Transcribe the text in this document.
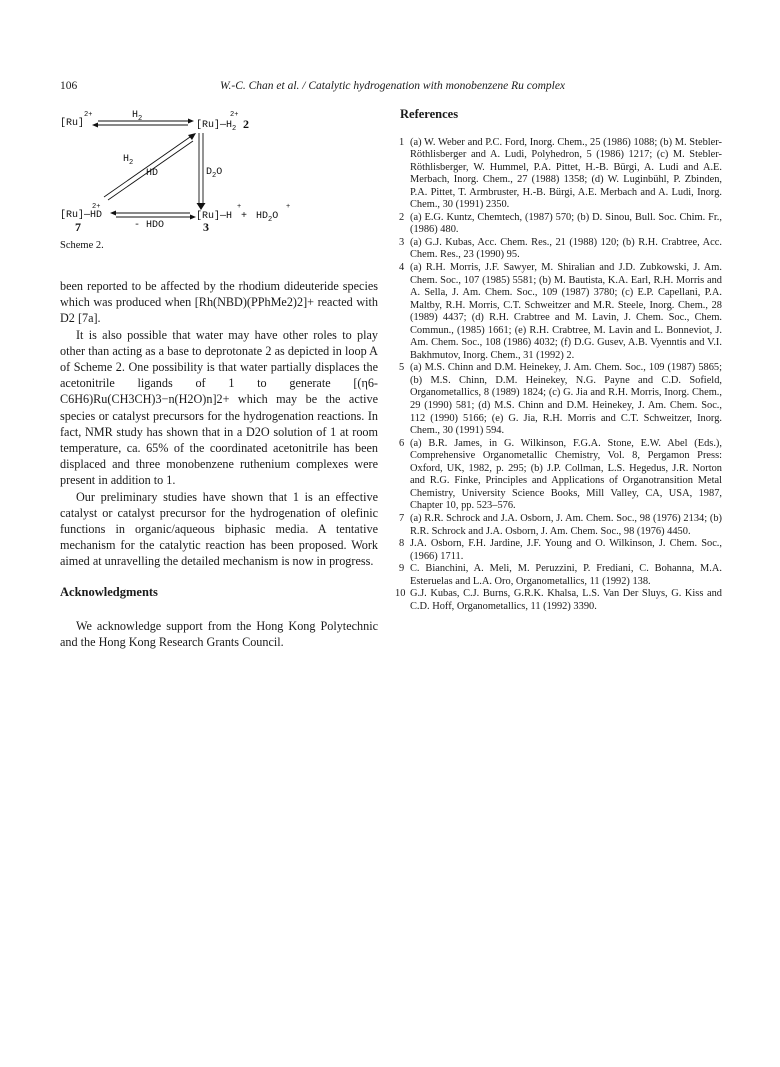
106	W.-C. Chan et al. / Catalytic hydrogenation with monobenzene Ru complex
[Ru]
2+	$H_2$
$[Ru]—H_2$
2+
2
$H_2$
HD	$D_2O$
2+
[Ru]—HD
7	- HDO
[Ru]—H
+
+ $HD_2O$
+
3
Scheme 2.

been reported to be affected by the rhodium dideuteride species which was produced when [Rh(NBD)(PPhMe2)2]+ reacted with D2 [7a].

It is also possible that water may have other roles to play other than acting as a base to deprotonate 2 as depicted in loop A of Scheme 2. One possibility is that water partially displaces the acetonitrile ligands of 1 to generate [(η6-C6H6)Ru(CH3CH)3−n(H2O)n]2+ which may be the active species or catalyst precursors for the hydrogenation reactions. In fact, NMR study has shown that in a D2O solution of 1 at room temperature, ca. 65% of the coordinated acetonitrile has been displaced and three monobenzene ruthenium complexes were present in addition to 1.

Our preliminary studies have shown that 1 is an effective catalyst or catalyst precursor for the hydrogenation of olefinic functions in organic/aqueous biphasic media. A tentative mechanism for the catalytic reaction has been proposed. Work aimed at unravelling the detailed mechanism is now in progress.

Acknowledgments

We acknowledge support from the Hong Kong Polytechnic and the Hong Kong Research Grants Council.

References

1 (a) W. Weber and P.C. Ford, Inorg. Chem., 25 (1986) 1088; (b) M. Stebler-Röthlisberger and A. Ludi, Polyhedron, 5 (1986) 1217; (c) M. Stebler-Röthlisberger, W. Hummel, P.A. Pittet, H.-B. Bürgi, A. Ludi and A.E. Merbach, Inorg. Chem., 27 (1988) 1358; (d) W. Luginbühl, P. Zbinden, P.A. Pittet, T. Armbruster, H.-B. Bürgi, A.E. Merbach and A. Ludi, Inorg. Chem., 30 (1991) 2350.
2 (a) E.G. Kuntz, Chemtech, (1987) 570; (b) D. Sinou, Bull. Soc. Chim. Fr., (1986) 480.
3 (a) G.J. Kubas, Acc. Chem. Res., 21 (1988) 120; (b) R.H. Crabtree, Acc. Chem. Res., 23 (1990) 95.
4 (a) R.H. Morris, J.F. Sawyer, M. Shiralian and J.D. Zubkowski, J. Am. Chem. Soc., 107 (1985) 5581; (b) M. Bautista, K.A. Earl, R.H. Morris and A. Sella, J. Am. Chem. Soc., 109 (1987) 3780; (c) E.P. Capellani, P.A. Maltby, R.H. Morris, C.T. Schweitzer and M.R. Steele, Inorg. Chem., 28 (1989) 4437; (d) R.H. Crabtree and M. Lavin, J. Chem. Soc., Chem. Commun., (1985) 1661; (e) R.H. Crabtree, M. Lavin and L. Bonneviot, J. Am. Chem. Soc., 108 (1986) 4032; (f) D.G. Gusev, A.B. Vyenntis and V.I. Bakhmutov, Inorg. Chem., 31 (1992) 2.
5 (a) M.S. Chinn and D.M. Heinekey, J. Am. Chem. Soc., 109 (1987) 5865; (b) M.S. Chinn, D.M. Heinekey, N.G. Payne and C.D. Sofield, Organometallics, 8 (1989) 1824; (c) G. Jia and R.H. Morris, Inorg. Chem., 29 (1990) 581; (d) M.S. Chinn and D.M. Heinekey, J. Am. Chem. Soc., 112 (1990) 5166; (e) G. Jia, R.H. Morris and C.T. Schweitzer, Inorg. Chem., 30 (1991) 594.
6 (a) B.R. James, in G. Wilkinson, F.G.A. Stone, E.W. Abel (Eds.), Comprehensive Organometallic Chemistry, Vol. 8, Pergamon Press: Oxford, UK, 1982, p. 295; (b) J.P. Collman, L.S. Hegedus, J.R. Norton and R.G. Finke, Principles and Applications of Organotransition Metal Chemistry, University Science Books, Mill Valley, CA, USA, 1987, Chapter 10, pp. 523–576.
7 (a) R.R. Schrock and J.A. Osborn, J. Am. Chem. Soc., 98 (1976) 2134; (b) R.R. Schrock and J.A. Osborn, J. Am. Chem. Soc., 98 (1976) 4450.
8 J.A. Osborn, F.H. Jardine, J.F. Young and O. Wilkinson, J. Chem. Soc., (1966) 1711.
9 C. Bianchini, A. Meli, M. Peruzzini, P. Frediani, C. Bohanna, M.A. Esteruelas and L.A. Oro, Organometallics, 11 (1992) 138.
10 G.J. Kubas, C.J. Burns, G.R.K. Khalsa, L.S. Van Der Sluys, G. Kiss and C.D. Hoff, Organometallics, 11 (1992) 3390.
